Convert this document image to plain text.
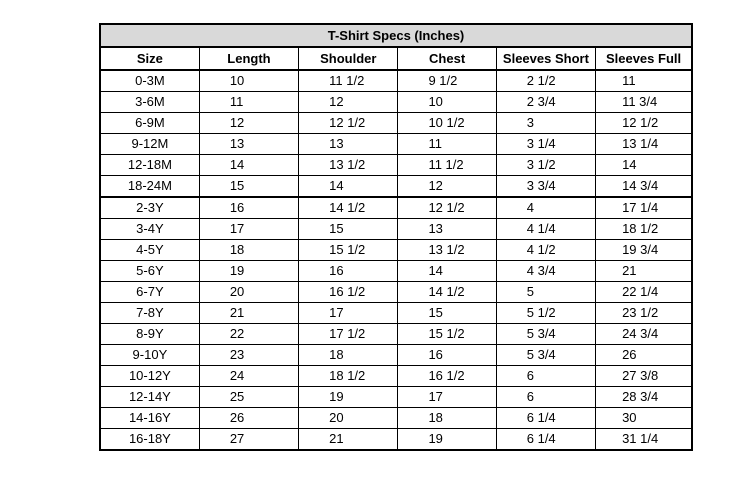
T-Shirt Specs (Inches)					
Size	Length	Shoulder	Chest	Sleeves Short	Sleeves Full
0-3M	10	11 1/2	9 1/2	2 1/2	11
3-6M	11	12	10	2 3/4	11 3/4
6-9M	12	12 1/2	10 1/2	3	12 1/2
9-12M	13	13	11	3 1/4	13 1/4
12-18M	14	13 1/2	11 1/2	3 1/2	14
18-24M	15	14	12	3 3/4	14 3/4
2-3Y	16	14 1/2	12 1/2	4	17 1/4
3-4Y	17	15	13	4 1/4	18 1/2
4-5Y	18	15 1/2	13 1/2	4 1/2	19 3/4
5-6Y	19	16	14	4 3/4	21
6-7Y	20	16 1/2	14 1/2	5	22 1/4
7-8Y	21	17	15	5 1/2	23 1/2
8-9Y	22	17 1/2	15 1/2	5 3/4	24 3/4
9-10Y	23	18	16	5 3/4	26
10-12Y	24	18 1/2	16 1/2	6	27 3/8
12-14Y	25	19	17	6	28 3/4
14-16Y	26	20	18	6 1/4	30
16-18Y	27	21	19	6 1/4	31 1/4
